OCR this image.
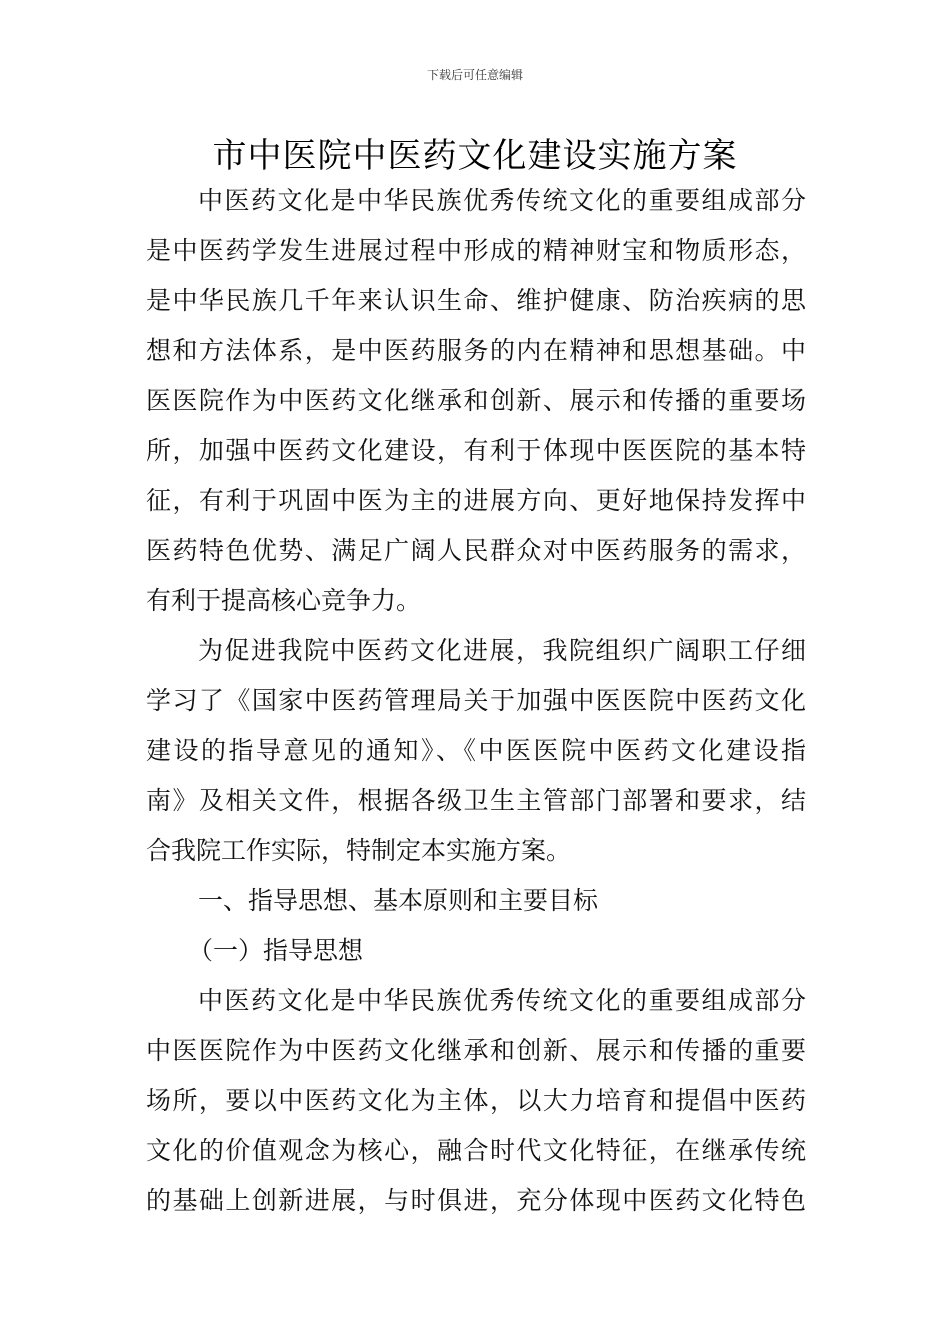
下载后可任意编辑
市中医院中医药文化建设实施方案
中医药文化是中华民族优秀传统文化的重要组成部分
是中医药学发生进展过程中形成的精神财宝和物质形态，
是中华民族几千年来认识生命、维护健康、防治疾病的思
想和方法体系，是中医药服务的内在精神和思想基础。中
医医院作为中医药文化继承和创新、展示和传播的重要场
所，加强中医药文化建设，有利于体现中医医院的基本特
征，有利于巩固中医为主的进展方向、更好地保持发挥中
医药特色优势、满足广阔人民群众对中医药服务的需求，
有利于提高核心竞争力。
为促进我院中医药文化进展，我院组织广阔职工仔细
学习了《国家中医药管理局关于加强中医医院中医药文化
建设的指导意见的通知》、《中医医院中医药文化建设指
南》及相关文件，根据各级卫生主管部门部署和要求，结
合我院工作实际，特制定本实施方案。
一、指导思想、基本原则和主要目标
（一）指导思想
中医药文化是中华民族优秀传统文化的重要组成部分
中医医院作为中医药文化继承和创新、展示和传播的重要
场所，要以中医药文化为主体，以大力培育和提倡中医药
文化的价值观念为核心，融合时代文化特征，在继承传统
的基础上创新进展，与时俱进，充分体现中医药文化特色
